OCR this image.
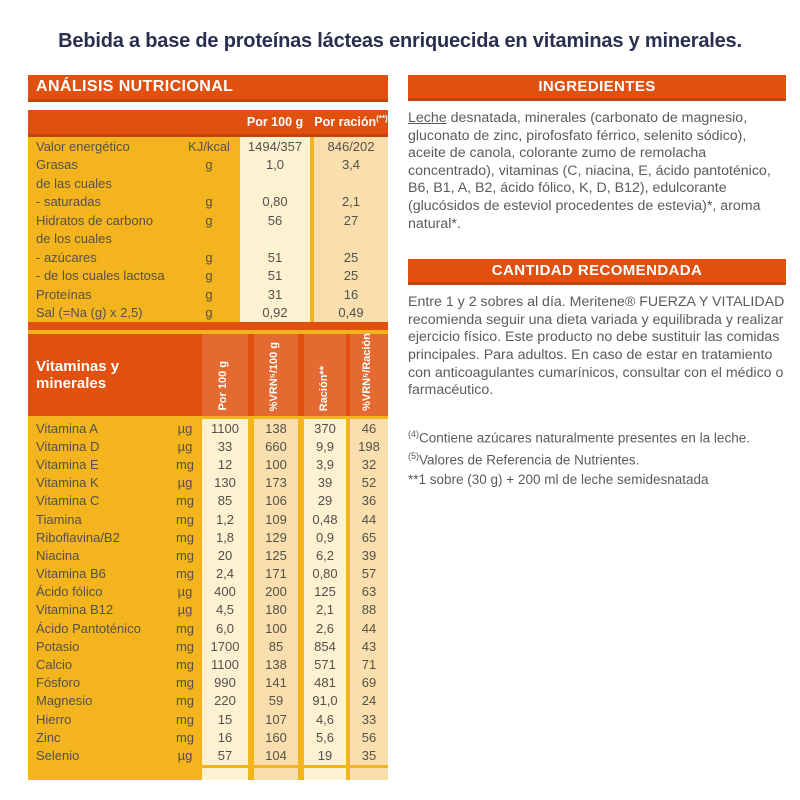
Bebida a base de proteínas lácteas enriquecida en vitaminas y minerales.
ANÁLISIS NUTRICIONAL
Por 100 g Por ración(**)
Valor energético	KJ/kcal	1494/357	846/202
Grasas	g	1,0	3,4
de las cuales
- saturadas	g	0,80	2,1
Hidratos de carbono	g	56	27
de los cuales
- azúcares	g	51	25
- de los cuales lactosa	g	51	25
Proteínas	g	31	16
Sal (=Na (g) x 2,5)	g	0,92	0,49
Vitaminas y minerales	Por 100 g	%VRN⁵/100 g	Ración**	%VRN⁵/Ración
Vitamina A	µg	1100	138	370	46
Vitamina D	µg	33	660	9,9	198
Vitamina E	mg	12	100	3,9	32
Vitamina K	µg	130	173	39	52
Vitamina C	mg	85	106	29	36
Tiamina	mg	1,2	109	0,48	44
Riboflavina/B2	mg	1,8	129	0,9	65
Niacina	mg	20	125	6,2	39
Vitamina B6	mg	2,4	171	0,80	57
Ácido fólico	µg	400	200	125	63
Vitamina B12	µg	4,5	180	2,1	88
Ácido Pantoténico	mg	6,0	100	2,6	44
Potasio	mg	1700	85	854	43
Calcio	mg	1100	138	571	71
Fósforo	mg	990	141	481	69
Magnesio	mg	220	59	91,0	24
Hierro	mg	15	107	4,6	33
Zinc	mg	16	160	5,6	56
Selenio	µg	57	104	19	35
INGREDIENTES

Leche desnatada, minerales (carbonato de magnesio, gluconato de zinc, pirofosfato férrico, selenito sódico), aceite de canola, colorante zumo de remolacha concentrado), vitaminas (C, niacina, E, ácido pantoténico, B6, B1, A, B2, ácido fólico, K, D, B12), edulcorante (glucósidos de esteviol procedentes de estevia)*, aroma natural*.

CANTIDAD RECOMENDADA

Entre 1 y 2 sobres al día. Meritene® FUERZA Y VITALIDAD recomienda seguir una dieta variada y equilibrada y realizar ejercicio físico. Este producto no debe sustituir las comidas principales. Para adultos. En caso de estar en tratamiento con anticoagulantes cumarínicos, consultar con el médico o farmacéutico.

$^{(4)}$Contiene azúcares naturalmente presentes en la leche.
$^{(5)}$Valores de Referencia de Nutrientes.
**1 sobre (30 g) + 200 ml de leche semidesnatada
